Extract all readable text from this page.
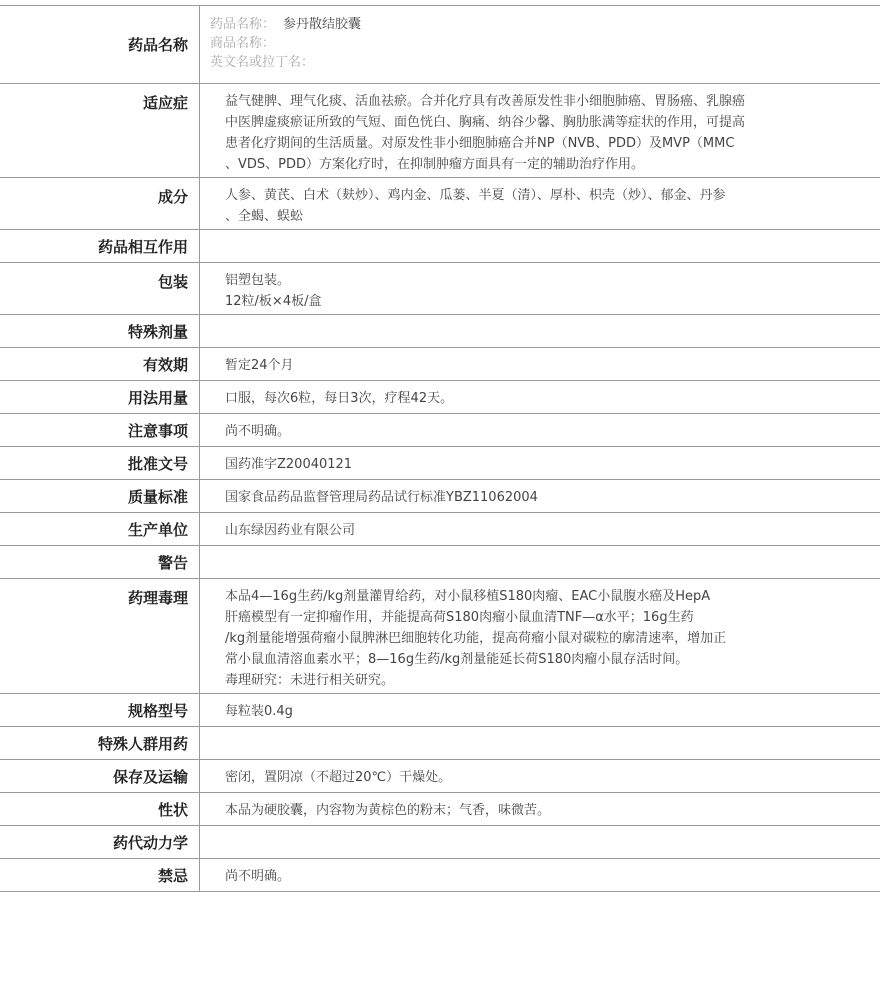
药品名称
药品名称： 参丹散结胶囊
商品名称：
英文名或拉丁名：
适应症	益气健脾、理气化痰、活血祛瘀。合并化疗具有改善原发性非小细胞肺癌、胃肠癌、乳腺癌
中医脾虚痰瘀证所致的气短、面色恍白、胸痛、纳谷少馨、胸肋胀满等症状的作用，可提高
患者化疗期间的生活质量。对原发性非小细胞肺癌合并NP（NVB、PDD）及MVP（MMC
、VDS、PDD）方案化疗时，在抑制肿瘤方面具有一定的辅助治疗作用。
成分	人参、黄芪、白术（麸炒）、鸡内金、瓜蒌、半夏（清）、厚朴、枳壳（炒）、郁金、丹参
、全蝎、蜈蚣
药品相互作用
包装	铝塑包装。
12粒/板×4板/盒
特殊剂量
有效期	暂定24个月
用法用量	口服，每次6粒，每日3次，疗程42天。
注意事项	尚不明确。
批准文号	国药准字Z20040121
质量标准	国家食品药品监督管理局药品试行标准YBZ11062004
生产单位	山东绿因药业有限公司
警告
药理毒理	本品4—16g生药/kg剂量灌胃给药，对小鼠移植S180肉瘤、EAC小鼠腹水癌及HepA
肝癌模型有一定抑瘤作用，并能提高荷S180肉瘤小鼠血清TNF—α水平；16g生药
/kg剂量能增强荷瘤小鼠脾淋巴细胞转化功能，提高荷瘤小鼠对碳粒的廓清速率，增加正
常小鼠血清溶血素水平；8—16g生药/kg剂量能延长荷S180肉瘤小鼠存活时间。
毒理研究：未进行相关研究。
规格型号	每粒装0.4g
特殊人群用药
保存及运输	密闭，置阴凉（不超过20℃）干燥处。
性状	本品为硬胶囊，内容物为黄棕色的粉末；气香，味微苦。
药代动力学
禁忌	尚不明确。
